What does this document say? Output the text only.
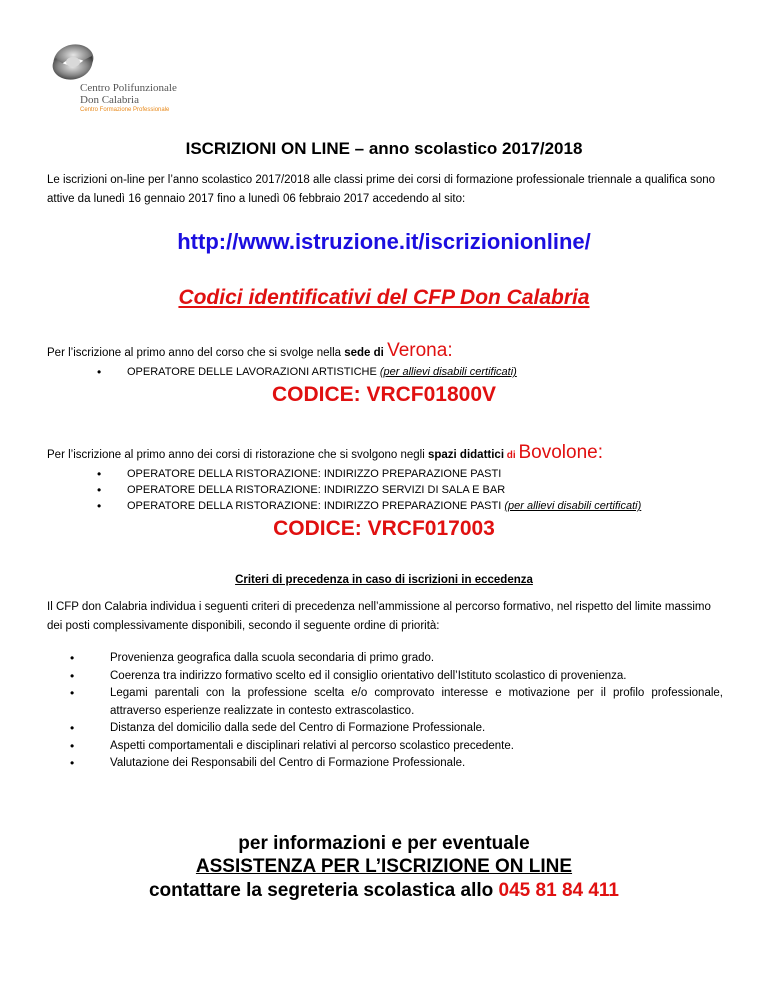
Centro Polifunzionale
Don Calabria
Centro Formazione Professionale
ISCRIZIONI ON LINE – anno scolastico 2017/2018
Le iscrizioni on-line per l’anno scolastico 2017/2018 alle classi prime dei corsi di formazione professionale triennale a qualifica sono attive da lunedì 16 gennaio 2017 fino a lunedì 06 febbraio 2017 accedendo al sito:
http://www.istruzione.it/iscrizionionline/
Codici identificativi del CFP Don Calabria
Per l’iscrizione al primo anno del corso che si svolge nella sede di Verona:
• OPERATORE DELLE LAVORAZIONI ARTISTICHE (per allievi disabili certificati)
CODICE: VRCF01800V
Per l’iscrizione al primo anno dei corsi di ristorazione che si svolgono negli spazi didattici di Bovolone:
• OPERATORE DELLA RISTORAZIONE: INDIRIZZO PREPARAZIONE PASTI
• OPERATORE DELLA RISTORAZIONE: INDIRIZZO SERVIZI DI SALA E BAR
• OPERATORE DELLA RISTORAZIONE: INDIRIZZO PREPARAZIONE PASTI (per allievi disabili certificati)
CODICE: VRCF017003
Criteri di precedenza in caso di iscrizioni in eccedenza
Il CFP don Calabria individua i seguenti criteri di precedenza nell’ammissione al percorso formativo, nel rispetto del limite massimo dei posti complessivamente disponibili, secondo il seguente ordine di priorità:
• Provenienza geografica dalla scuola secondaria di primo grado.
• Coerenza tra indirizzo formativo scelto ed il consiglio orientativo dell’Istituto scolastico di provenienza.
• Legami parentali con la professione scelta e/o comprovato interesse e motivazione per il profilo professionale, attraverso esperienze realizzate in contesto extrascolastico.
• Distanza del domicilio dalla sede del Centro di Formazione Professionale.
• Aspetti comportamentali e disciplinari relativi al percorso scolastico precedente.
• Valutazione dei Responsabili del Centro di Formazione Professionale.
per informazioni e per eventuale
ASSISTENZA PER L’ISCRIZIONE ON LINE
contattare la segreteria scolastica allo 045 81 84 411
